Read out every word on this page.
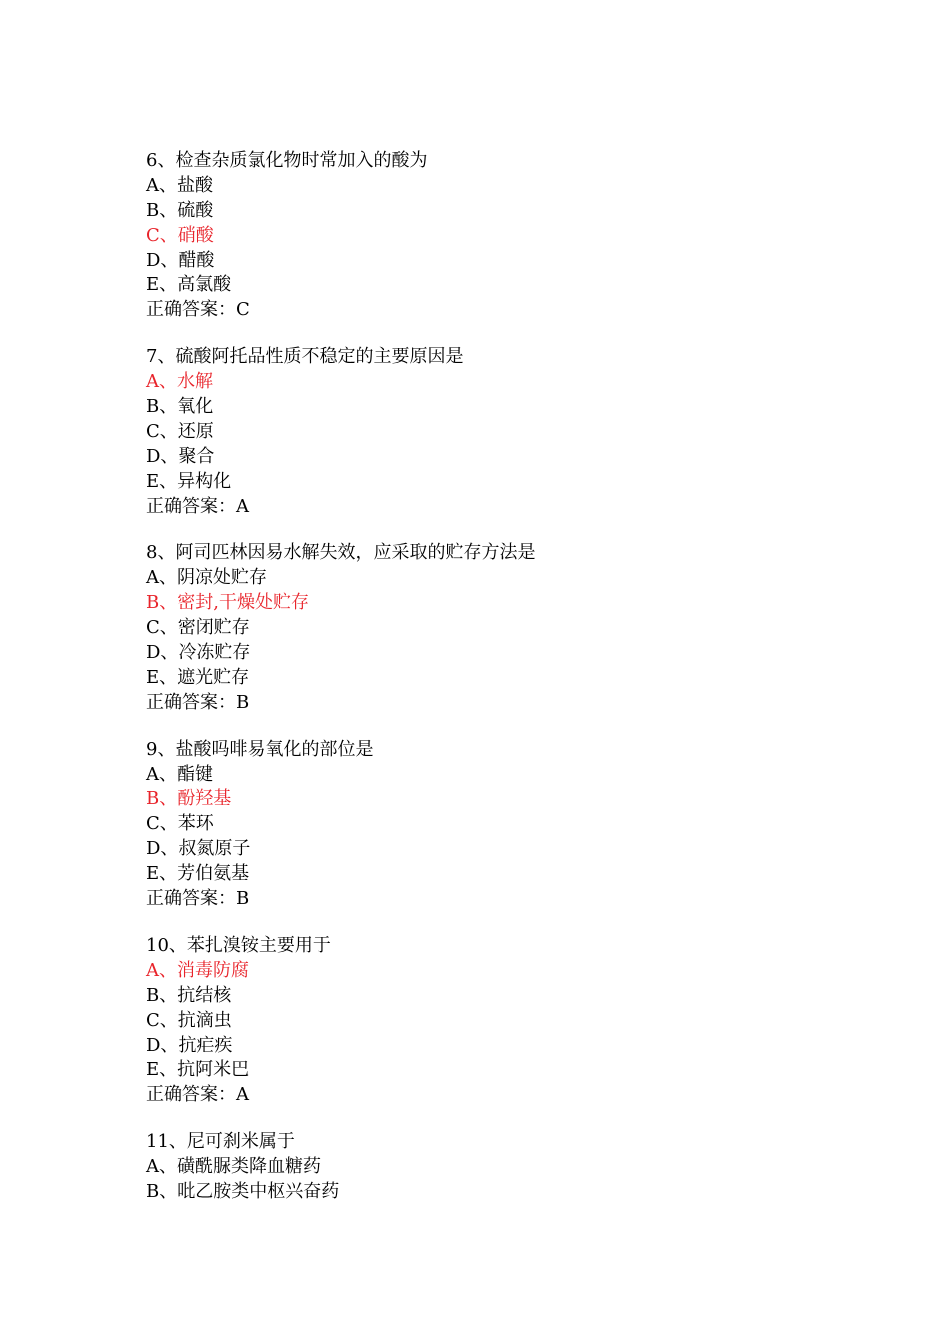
6、检查杂质氯化物时常加入的酸为
A、盐酸
B、硫酸
C、硝酸
D、醋酸
E、高氯酸
正确答案：C
7、硫酸阿托品性质不稳定的主要原因是
A、水解
B、氧化
C、还原
D、聚合
E、异构化
正确答案：A
8、阿司匹林因易水解失效，应采取的贮存方法是
A、阴凉处贮存
B、密封,干燥处贮存
C、密闭贮存
D、冷冻贮存
E、遮光贮存
正确答案：B
9、盐酸吗啡易氧化的部位是
A、酯键
B、酚羟基
C、苯环
D、叔氮原子
E、芳伯氨基
正确答案：B
10、苯扎溴铵主要用于
A、消毒防腐
B、抗结核
C、抗滴虫
D、抗疟疾
E、抗阿米巴
正确答案：A
11、尼可刹米属于
A、磺酰脲类降血糖药
B、吡乙胺类中枢兴奋药
